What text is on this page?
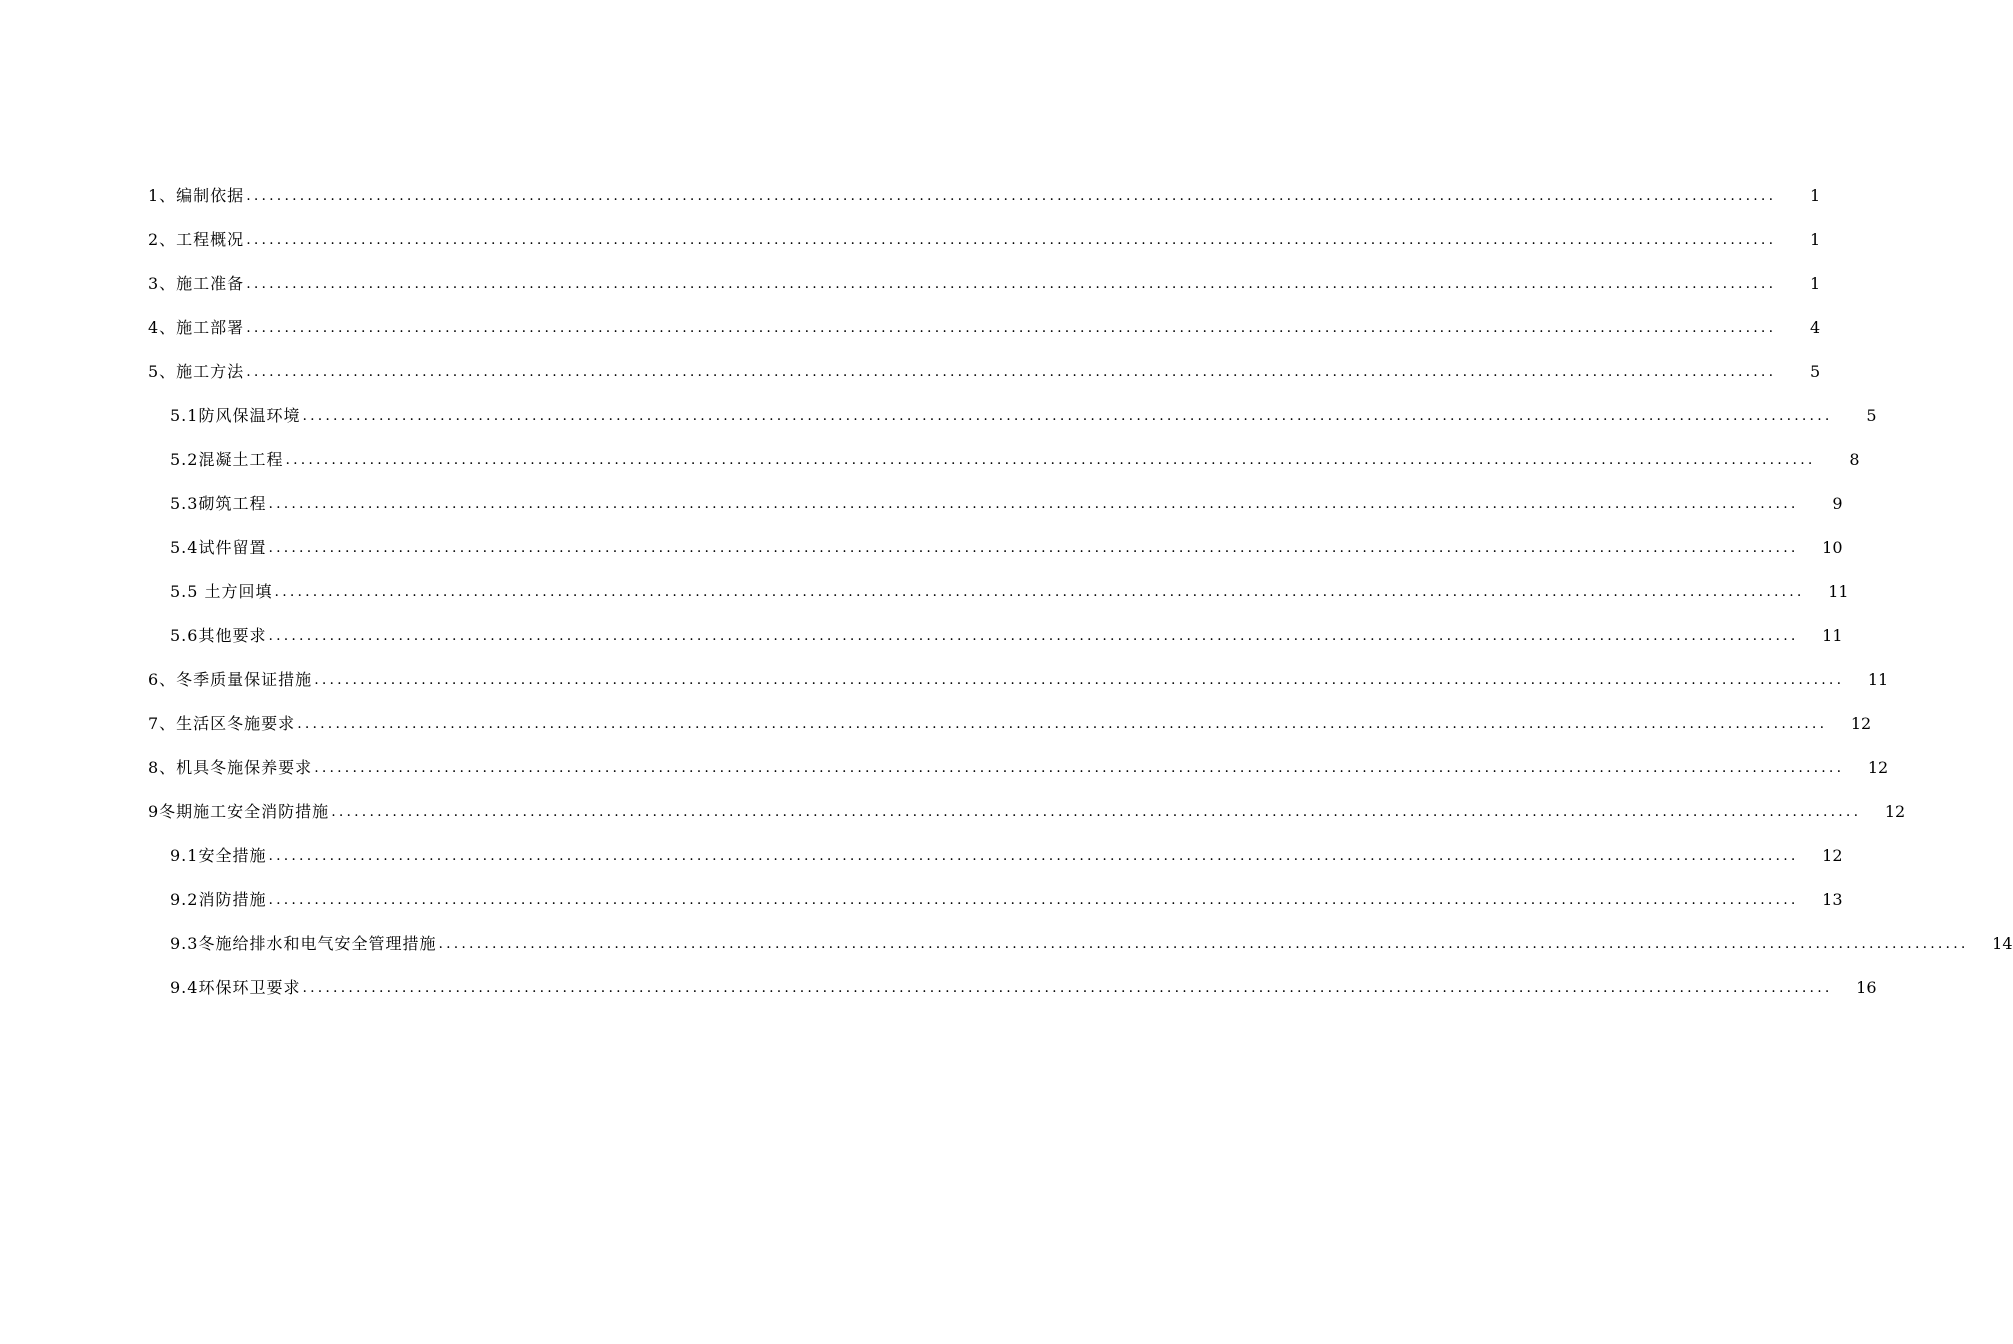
1、编制依据 ........................................................................................................................................................................................................	1
2、工程概况 ........................................................................................................................................................................................................	1
3、施工准备 ........................................................................................................................................................................................................	1
4、施工部署 ........................................................................................................................................................................................................	4
5、施工方法 ........................................................................................................................................................................................................	5
5.1防风保温环境 ........................................................................................................................................................................................................	5
5.2混凝土工程 ........................................................................................................................................................................................................	8
5.3砌筑工程 ........................................................................................................................................................................................................	9
5.4试件留置 ........................................................................................................................................................................................................	10
5.5 土方回填 ........................................................................................................................................................................................................	11
5.6其他要求 ........................................................................................................................................................................................................	11
6、冬季质量保证措施 ........................................................................................................................................................................................................	11
7、生活区冬施要求 ........................................................................................................................................................................................................	12
8、机具冬施保养要求 ........................................................................................................................................................................................................	12
9冬期施工安全消防措施 ........................................................................................................................................................................................................	12
9.1安全措施 ........................................................................................................................................................................................................	12
9.2消防措施 ........................................................................................................................................................................................................	13
9.3冬施给排水和电气安全管理措施 ........................................................................................................................................................................................................	14
9.4环保环卫要求 ........................................................................................................................................................................................................	16
